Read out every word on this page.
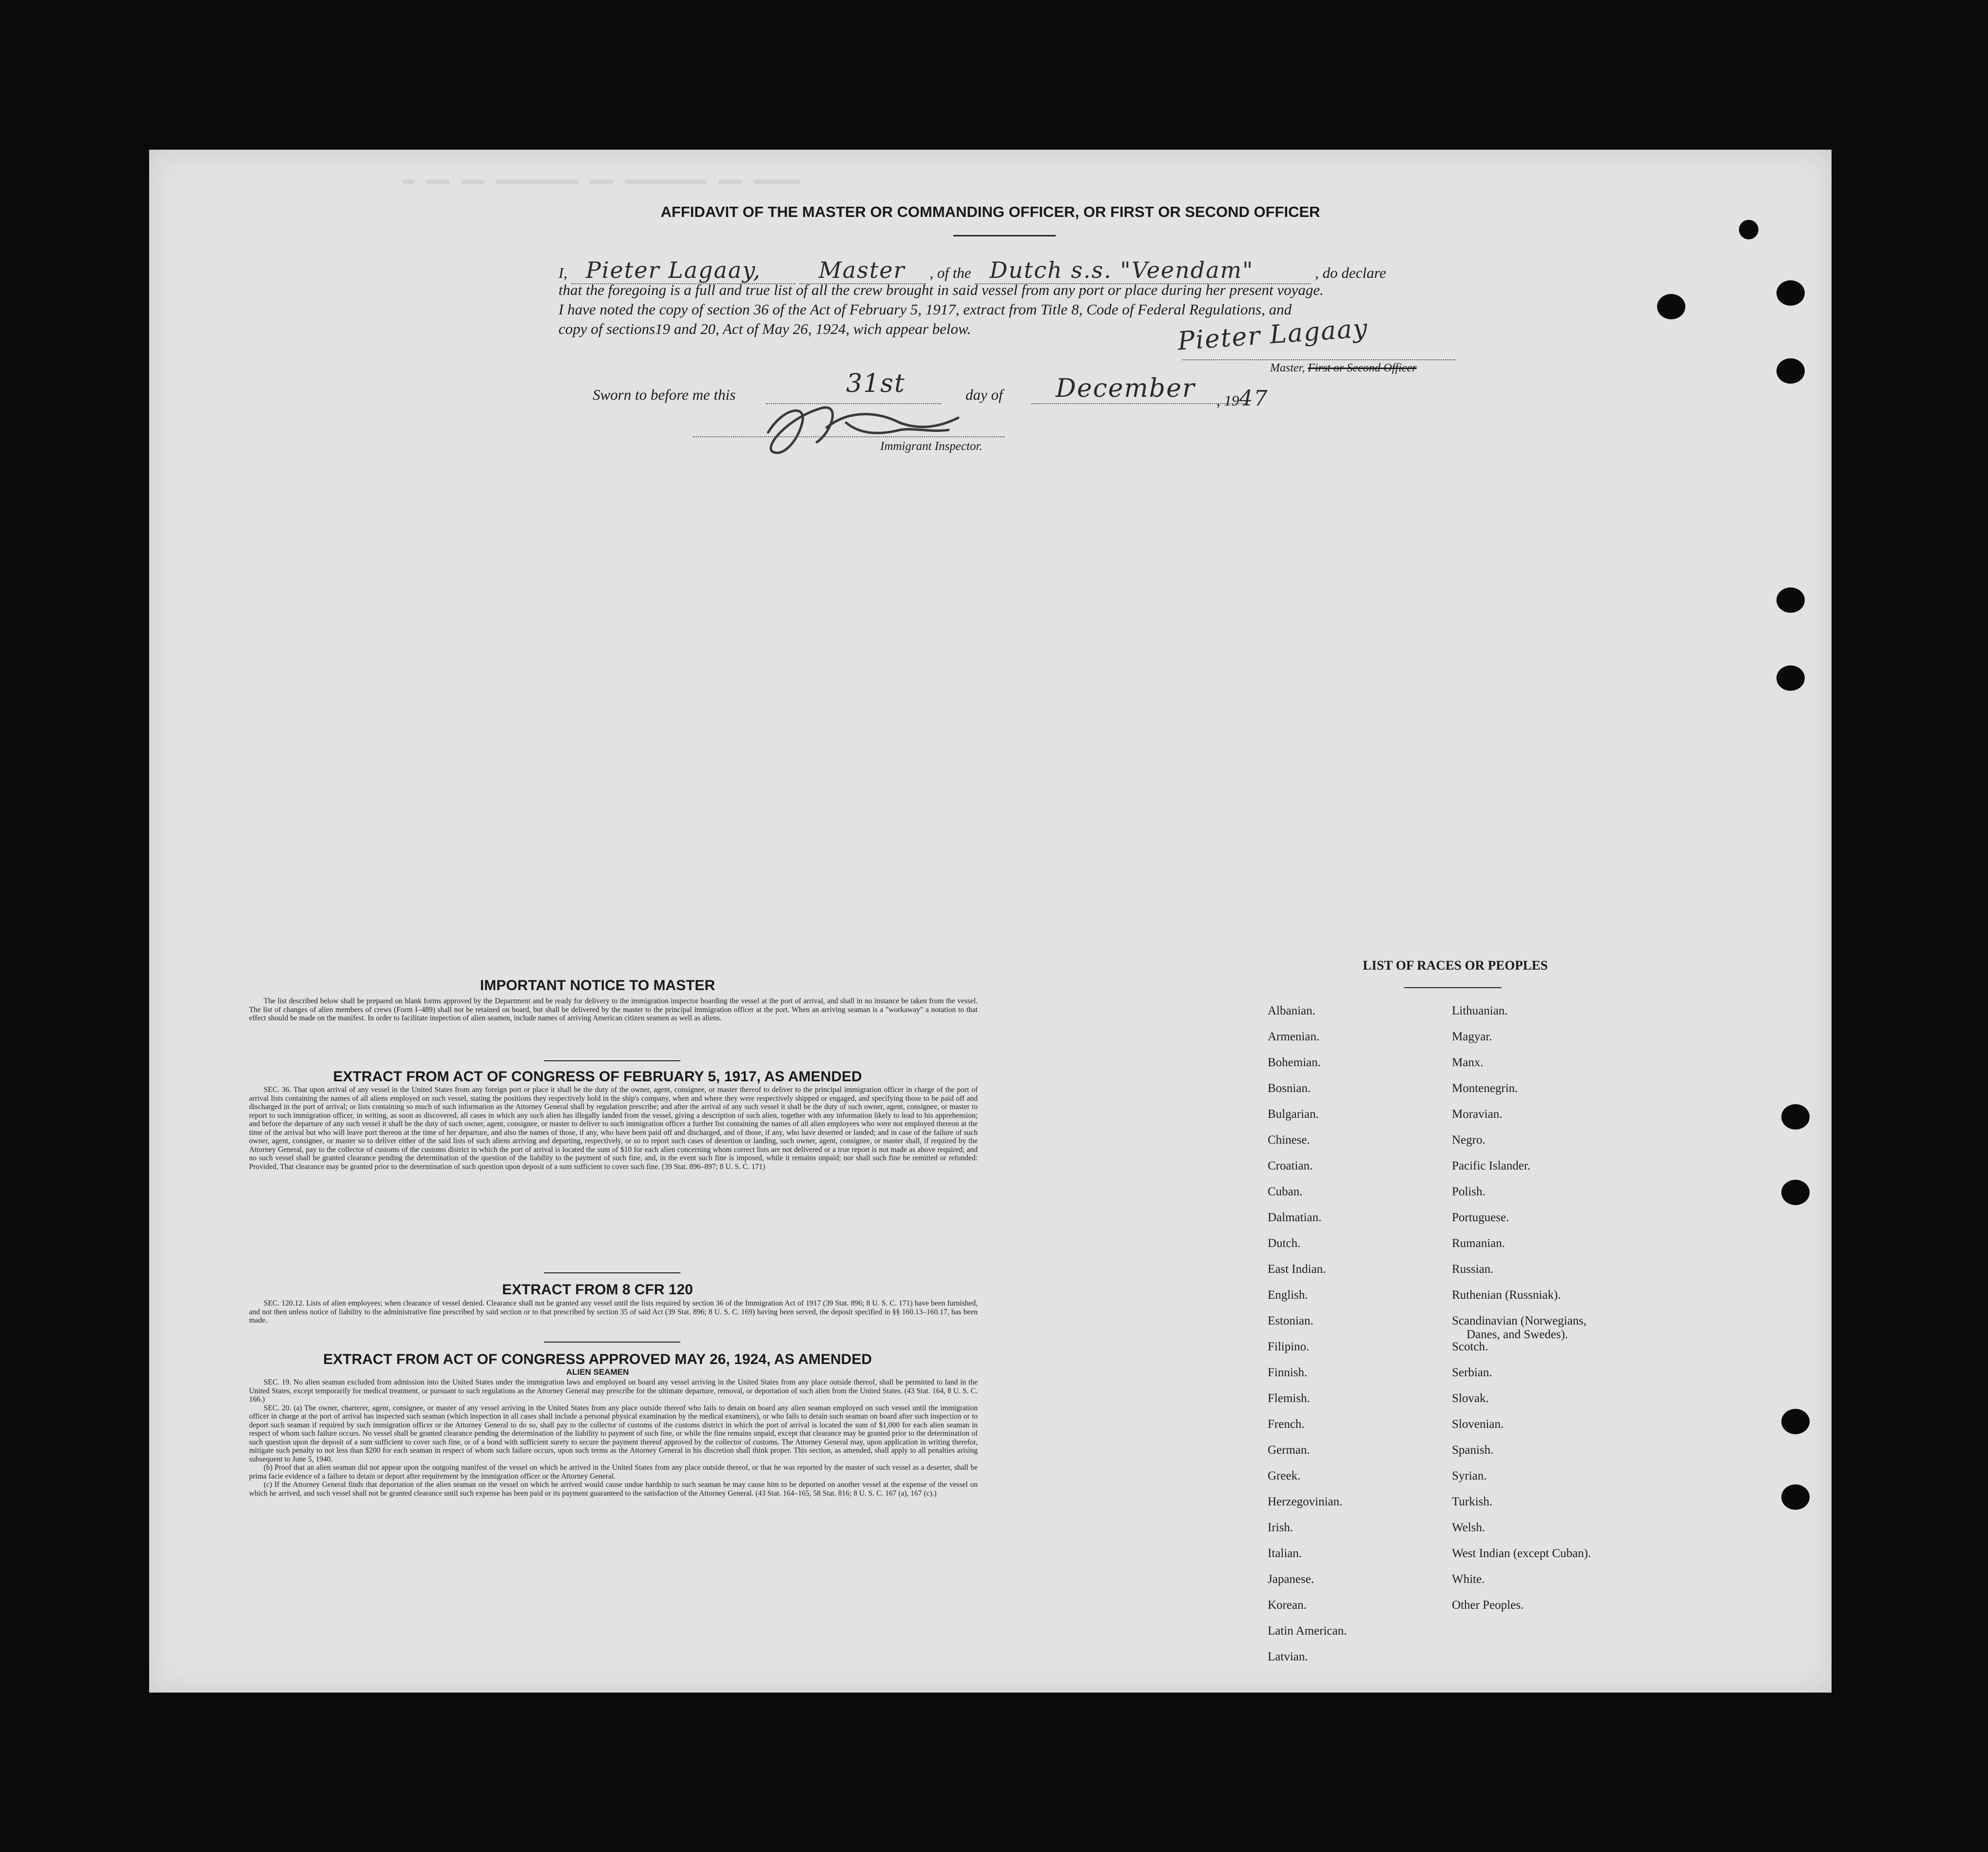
▬ ▬▬ ▬▬ ▬▬▬▬▬▬▬ ▬▬ ▬▬▬▬▬▬▬ ▬▬ ▬▬▬▬
AFFIDAVIT OF THE MASTER OR COMMANDING OFFICER, OR FIRST OR SECOND OFFICER
I, Pieter Lagaay,	Master , of the Dutch s.s. "Veendam"	, do declare
that the foregoing is a full and true list of all the crew brought in said vessel from any port or place during her present voyage.
I have noted the copy of section 36 of the Act of February 5, 1917, extract from Title 8, Code of Federal Regulations, and
copy of sections19 and 20, Act of May 26, 1924, wich appear below.	Pieter Lagaay
Master, First or Second Officer
Sworn to before me this	31st	day of December , 1947
Immigrant Inspector.
IMPORTANT NOTICE TO MASTER
The list described below shall be prepared on blank forms approved by the Department and be ready for delivery to the immigration inspector boarding the vessel at the port of arrival, and shall in no instance be taken from the vessel. The list of changes of alien members of crews (Form I–489) shall not be retained on board, but shall be delivered by the master to the principal immigration officer at the port. When an arriving seaman is a "workaway" a notation to that effect should be made on the manifest. In order to facilitate inspection of alien seamen, include names of arriving American citizen seamen as well as aliens.
EXTRACT FROM ACT OF CONGRESS OF FEBRUARY 5, 1917, AS AMENDED
SEC. 36. That upon arrival of any vessel in the United States from any foreign port or place it shall be the duty of the owner, agent, consignee, or master thereof to deliver to the principal immigration officer in charge of the port of arrival lists containing the names of all aliens employed on such vessel, stating the positions they respectively hold in the ship's company, when and where they were respectively shipped or engaged, and specifying those to be paid off and discharged in the port of arrival; or lists containing so much of such information as the Attorney General shall by regulation prescribe; and after the arrival of any such vessel it shall be the duty of such owner, agent, consignee, or master to report to such immigration officer, in writing, as soon as discovered, all cases in which any such alien has illegally landed from the vessel, giving a description of such alien, together with any information likely to lead to his apprehension; and before the departure of any such vessel it shall be the duty of such owner, agent, consignee, or master to deliver to such immigration officer a further list containing the names of all alien employees who were not employed thereon at the time of the arrival but who will leave port thereon at the time of her departure, and also the names of those, if any, who have been paid off and discharged, and of those, if any, who have deserted or landed; and in case of the failure of such owner, agent, consignee, or master so to deliver either of the said lists of such aliens arriving and departing, respectively, or so to report such cases of desertion or landing, such owner, agent, consignee, or master shall, if required by the Attorney General, pay to the collector of customs of the customs district in which the port of arrival is located the sum of $10 for each alien concerning whom correct lists are not delivered or a true report is not made as above required; and no such vessel shall be granted clearance pending the determination of the question of the liability to the payment of such fine, and, in the event such fine is imposed, while it remains unpaid; nor shall such fine be remitted or refunded: Provided, That clearance may be granted prior to the determination of such question upon deposit of a sum sufficient to cover such fine. (39 Stat. 896–897; 8 U. S. C. 171)
EXTRACT FROM 8 CFR 120
SEC. 120.12. Lists of alien employees; when clearance of vessel denied. Clearance shall not be granted any vessel until the lists required by section 36 of the Immigration Act of 1917 (39 Stat. 896; 8 U. S. C. 171) have been furnished, and not then unless notice of liability to the administrative fine prescribed by said section or to that prescribed by section 35 of said Act (39 Stat. 896; 8 U. S. C. 169) having been served, the deposit specified in §§ 160.13–160.17, has been made.
EXTRACT FROM ACT OF CONGRESS APPROVED MAY 26, 1924, AS AMENDED
ALIEN SEAMEN
SEC. 19. No alien seaman excluded from admission into the United States under the immigration laws and employed on board any vessel arriving in the United States from any place outside thereof, shall be permitted to land in the United States, except temporarily for medical treatment, or pursuant to such regulations as the Attorney General may prescribe for the ultimate departure, removal, or deportation of such alien from the United States. (43 Stat. 164, 8 U. S. C. 166.)
SEC. 20. (a) The owner, charterer, agent, consignee, or master of any vessel arriving in the United States from any place outside thereof who fails to detain on board any alien seaman employed on such vessel until the immigration officer in charge at the port of arrival has inspected such seaman (which inspection in all cases shall include a personal physical examination by the medical examiners), or who fails to detain such seaman on board after such inspection or to deport such seaman if required by such immigration officer or the Attorney General to do so, shall pay to the collector of customs of the customs district in which the port of arrival is located the sum of $1,000 for each alien seaman in respect of whom such failure occurs. No vessel shall be granted clearance pending the determination of the liability to payment of such fine, or while the fine remains unpaid, except that clearance may be granted prior to the determination of such question upon the deposit of a sum sufficient to cover such fine, or of a bond with sufficient surety to secure the payment thereof approved by the collector of customs. The Attorney General may, upon application in writing therefor, mitigate such penalty to not less than $200 for each seaman in respect of whom such failure occurs, upon such terms as the Attorney General in his discretion shall think proper. This section, as amended, shall apply to all penalties arising subsequent to June 5, 1940.
(b) Proof that an alien seaman did not appear upon the outgoing manifest of the vessel on which he arrived in the United States from any place outside thereof, or that he was reported by the master of such vessel as a deserter, shall be prima facie evidence of a failure to detain or deport after requirement by the immigration officer or the Attorney General.
(c) If the Attorney General finds that deportation of the alien seaman on the vessel on which he arrived would cause undue hardship to such seaman he may cause him to be deported on another vessel at the expense of the vessel on which he arrived, and such vessel shall not be granted clearance until such expense has been paid or its payment guaranteed to the satisfaction of the Attorney General. (43 Stat. 164–165, 58 Stat. 816; 8 U. S. C. 167 (a), 167 (c).)
LIST OF RACES OR PEOPLES
Albanian.
Armenian.
Bohemian.
Bosnian.
Bulgarian.
Chinese.
Croatian.
Cuban.
Dalmatian.
Dutch.
East Indian.
English.
Estonian.
Filipino.
Finnish.
Flemish.
French.
German.
Greek.
Herzegovinian.
Irish.
Italian.
Japanese.
Korean.
Latin American.
Latvian.
Lithuanian.
Magyar.
Manx.
Montenegrin.
Moravian.
Negro.
Pacific Islander.
Polish.
Portuguese.
Rumanian.
Russian.
Ruthenian (Russniak).
Scandinavian (Norwegians,
Danes, and Swedes).
Scotch.
Serbian.
Slovak.
Slovenian.
Spanish.
Syrian.
Turkish.
Welsh.
West Indian (except Cuban).
White.
Other Peoples.
